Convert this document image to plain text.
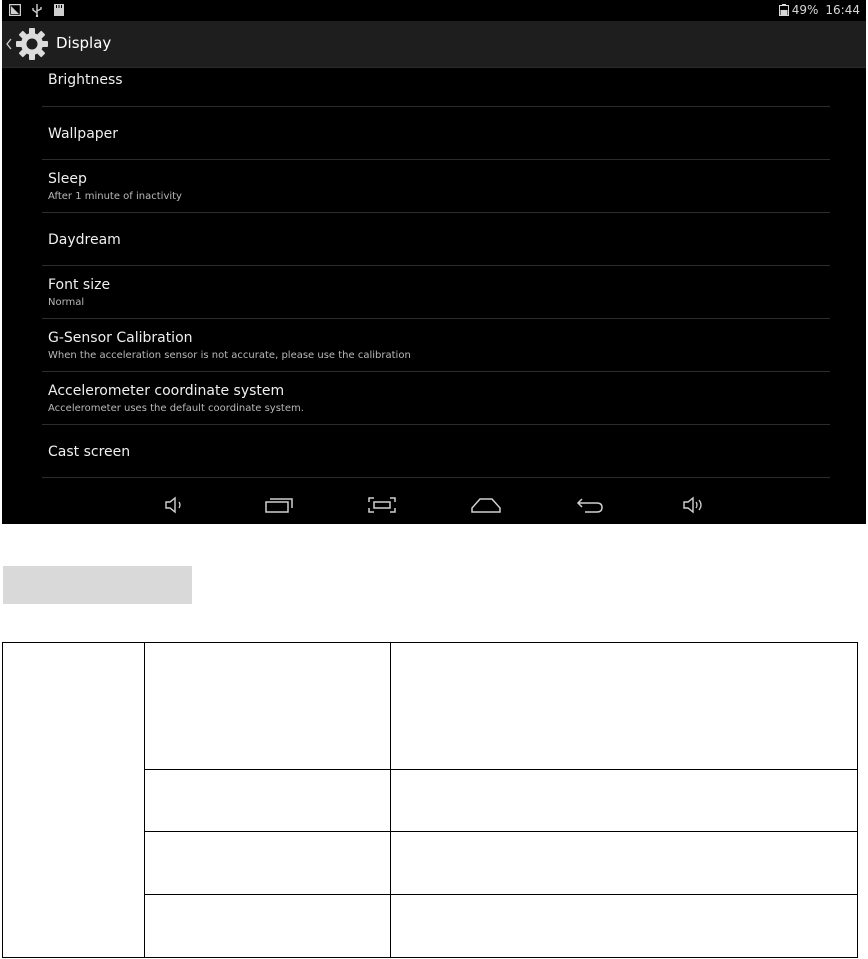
49% 16:44
Display
Brightness
Wallpaper
Sleep
After 1 minute of inactivity
Daydream
Font size
Normal
G-Sensor Calibration
When the acceleration sensor is not accurate, please use the calibration
Accelerometer coordinate system
Accelerometer uses the default coordinate system.
Cast screen
